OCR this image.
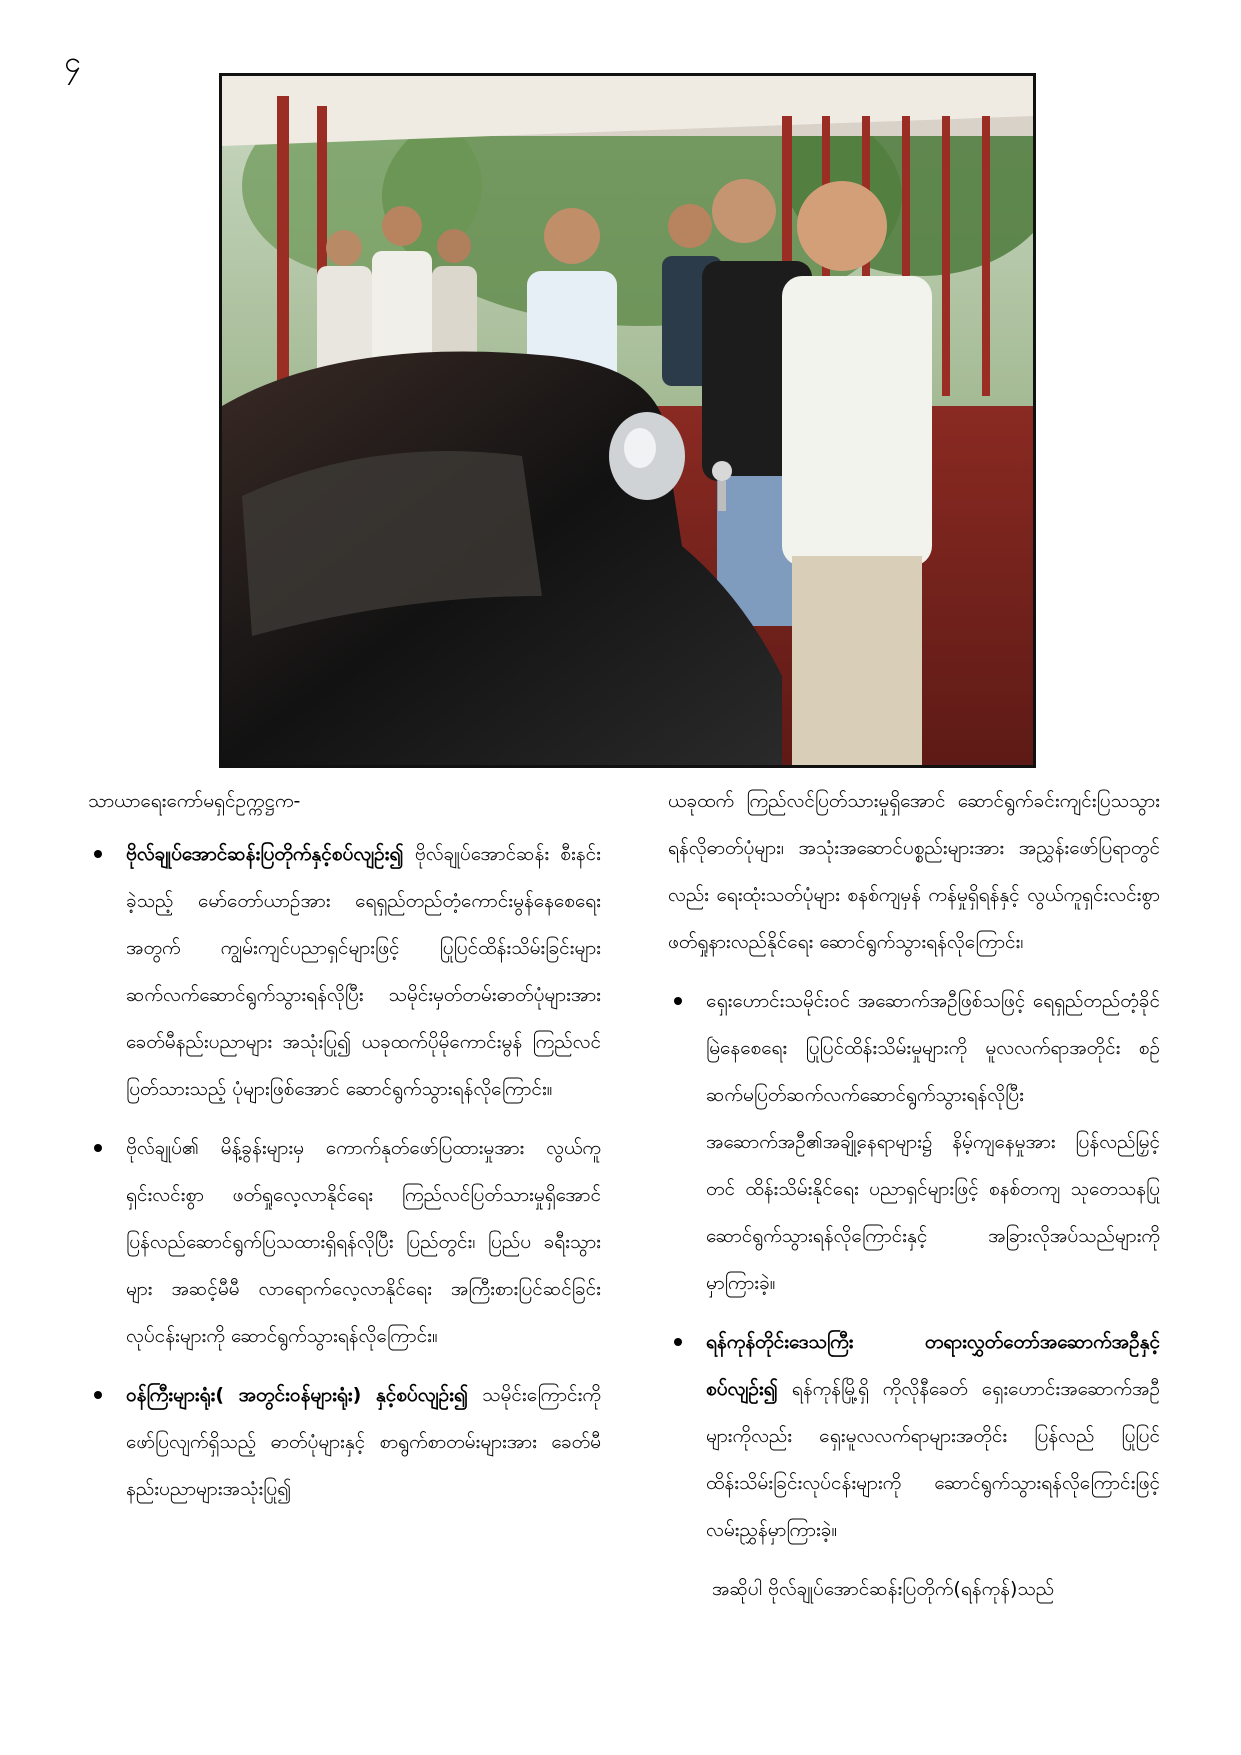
၄
သာယာရေးကော်မရှင်ဥက္ကဋ္ဌက-
ဗိုလ်ချုပ်အောင်ဆန်းပြတိုက်နှင့်စပ်လျဉ်း၍ ဗိုလ်ချုပ်အောင်ဆန်း စီးနင်းခဲ့သည့် မော်တော်ယာဉ်အား ရေရှည်တည်တံ့ကောင်းမွန်နေစေရေးအတွက် ကျွမ်းကျင်ပညာရှင်များဖြင့် ပြုပြင်ထိန်းသိမ်းခြင်းများ ဆက်လက်ဆောင်ရွက်သွားရန်လိုပြီး သမိုင်းမှတ်တမ်းဓာတ်ပုံများအား ခေတ်မီနည်းပညာများ အသုံးပြု၍ ယခုထက်ပိုမိုကောင်းမွန် ကြည်လင်ပြတ်သားသည့် ပုံများဖြစ်အောင် ဆောင်ရွက်သွားရန်လိုကြောင်း။
ဗိုလ်ချုပ်၏ မိန့်ခွန်းများမှ ကောက်နုတ်ဖော်ပြထားမှုအား လွယ်ကူရှင်းလင်းစွာ ဖတ်ရှုလေ့လာနိုင်ရေး ကြည်လင်ပြတ်သားမှုရှိအောင် ပြန်လည်ဆောင်ရွက်ပြသထားရှိရန်လိုပြီး ပြည်တွင်း၊ ပြည်ပ ခရီးသွားများ အဆင့်မီမီ လာရောက်လေ့လာနိုင်ရေး အကြီးစားပြင်ဆင်ခြင်းလုပ်ငန်းများကို ဆောင်ရွက်သွားရန်လိုကြောင်း။
ဝန်ကြီးများရုံး( အတွင်းဝန်များရုံး) နှင့်စပ်လျဉ်း၍ သမိုင်းကြောင်းကိုဖော်ပြလျက်ရှိသည့် ဓာတ်ပုံများနှင့် စာရွက်စာတမ်းများအား ခေတ်မီနည်းပညာများအသုံးပြု၍

ယခုထက် ကြည်လင်ပြတ်သားမှုရှိအောင် ဆောင်ရွက်ခင်းကျင်းပြသသွားရန်လိုဓာတ်ပုံများ၊ အသုံးအဆောင်ပစ္စည်းများအား အညွှန်းဖော်ပြရာတွင်လည်း ရေးထုံးသတ်ပုံများ စနစ်ကျမှန် ကန်မှုရှိရန်နှင့် လွယ်ကူရှင်းလင်းစွာ ဖတ်ရှုနားလည်နိုင်ရေး ဆောင်ရွက်သွားရန်လိုကြောင်း၊

ရှေးဟောင်းသမိုင်းဝင် အဆောက်အဦဖြစ်သဖြင့် ရေရှည်တည်တံ့ခိုင်မြဲနေစေရေး ပြုပြင်ထိန်းသိမ်းမှုများကို မူလလက်ရာအတိုင်း စဉ်ဆက်မပြတ်ဆက်လက်ဆောင်ရွက်သွားရန်လိုပြီး အဆောက်အဦ၏အချို့နေရာများ၌ နိမ့်ကျနေမှုအား ပြန်လည်မြှင့်တင် ထိန်းသိမ်းနိုင်ရေး ပညာရှင်များဖြင့် စနစ်တကျ သုတေသနပြုဆောင်ရွက်သွားရန်လိုကြောင်းနှင့် အခြားလိုအပ်သည်များကို မှာကြားခဲ့။
ရန်ကုန်တိုင်းဒေသကြီး တရားလွှတ်တော်အဆောက်အဦနှင့်စပ်လျဉ်း၍ ရန်ကုန်မြို့ရှိ ကိုလိုနီခေတ် ရှေးဟောင်းအဆောက်အဦများကိုလည်း ရှေးမူလလက်ရာများအတိုင်း ပြန်လည် ပြုပြင်ထိန်းသိမ်းခြင်းလုပ်ငန်းများကို ဆောင်ရွက်သွားရန်လိုကြောင်းဖြင့် လမ်းညွှန်မှာကြားခဲ့။

အဆိုပါ ဗိုလ်ချုပ်အောင်ဆန်းပြတိုက်(ရန်ကုန်)သည်
